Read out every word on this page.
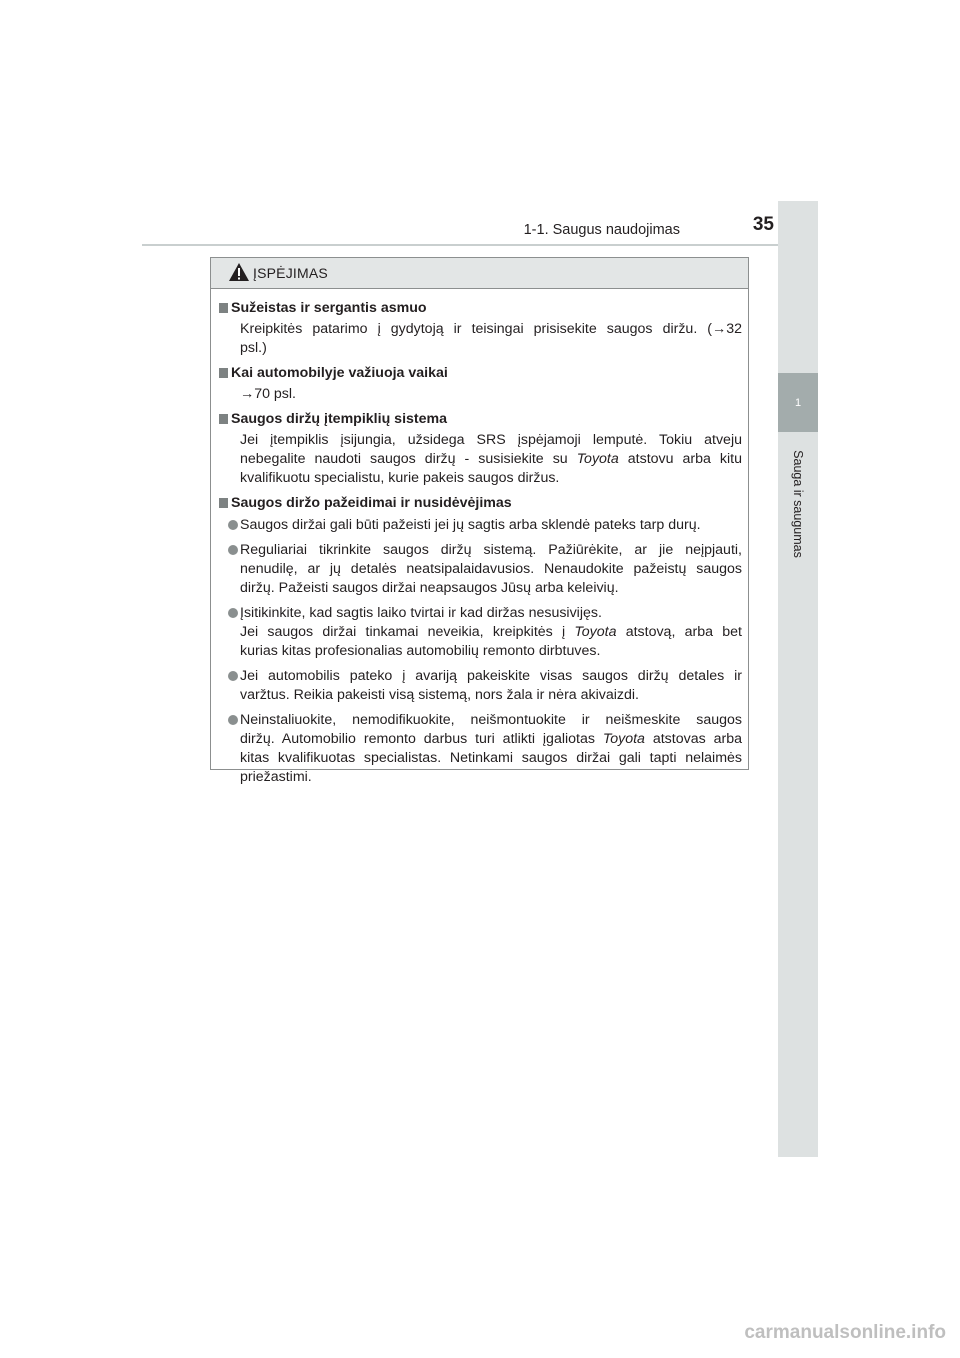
1-1. Saugus naudojimas	35
1
Sauga ir saugumas
ĮSPĖJIMAS
Sužeistas ir sergantis asmuo
Kreipkitės patarimo į gydytoją ir teisingai prisisekite saugos diržu. (→32
psl.)
Kai automobilyje važiuoja vaikai
→70 psl.
Saugos diržų įtempiklių sistema
Jei įtempiklis įsijungia, užsidega SRS įspėjamoji lemputė. Tokiu atveju
nebegalite naudoti saugos diržų - susisiekite su Toyota atstovu arba kitu
kvalifikuotu specialistu, kurie pakeis saugos diržus.
Saugos diržo pažeidimai ir nusidėvėjimas
Saugos diržai gali būti pažeisti jei jų sagtis arba sklendė pateks tarp durų.
Reguliariai tikrinkite saugos diržų sistemą. Pažiūrėkite, ar jie neįpjauti,
nenudilę, ar jų detalės neatsipalaidavusios. Nenaudokite pažeistų saugos
diržų. Pažeisti saugos diržai neapsaugos Jūsų arba keleivių.
Įsitikinkite, kad sagtis laiko tvirtai ir kad diržas nesusivijęs.
Jei saugos diržai tinkamai neveikia, kreipkitės į Toyota atstovą, arba bet
kurias kitas profesionalias automobilių remonto dirbtuves.
Jei automobilis pateko į avariją pakeiskite visas saugos diržų detales ir
varžtus. Reikia pakeisti visą sistemą, nors žala ir nėra akivaizdi.
Neinstaliuokite, nemodifikuokite, neišmontuokite ir neišmeskite saugos
diržų. Automobilio remonto darbus turi atlikti įgaliotas Toyota atstovas arba
kitas kvalifikuotas specialistas. Netinkami saugos diržai gali tapti nelaimės
priežastimi.
carmanualsonline.info
